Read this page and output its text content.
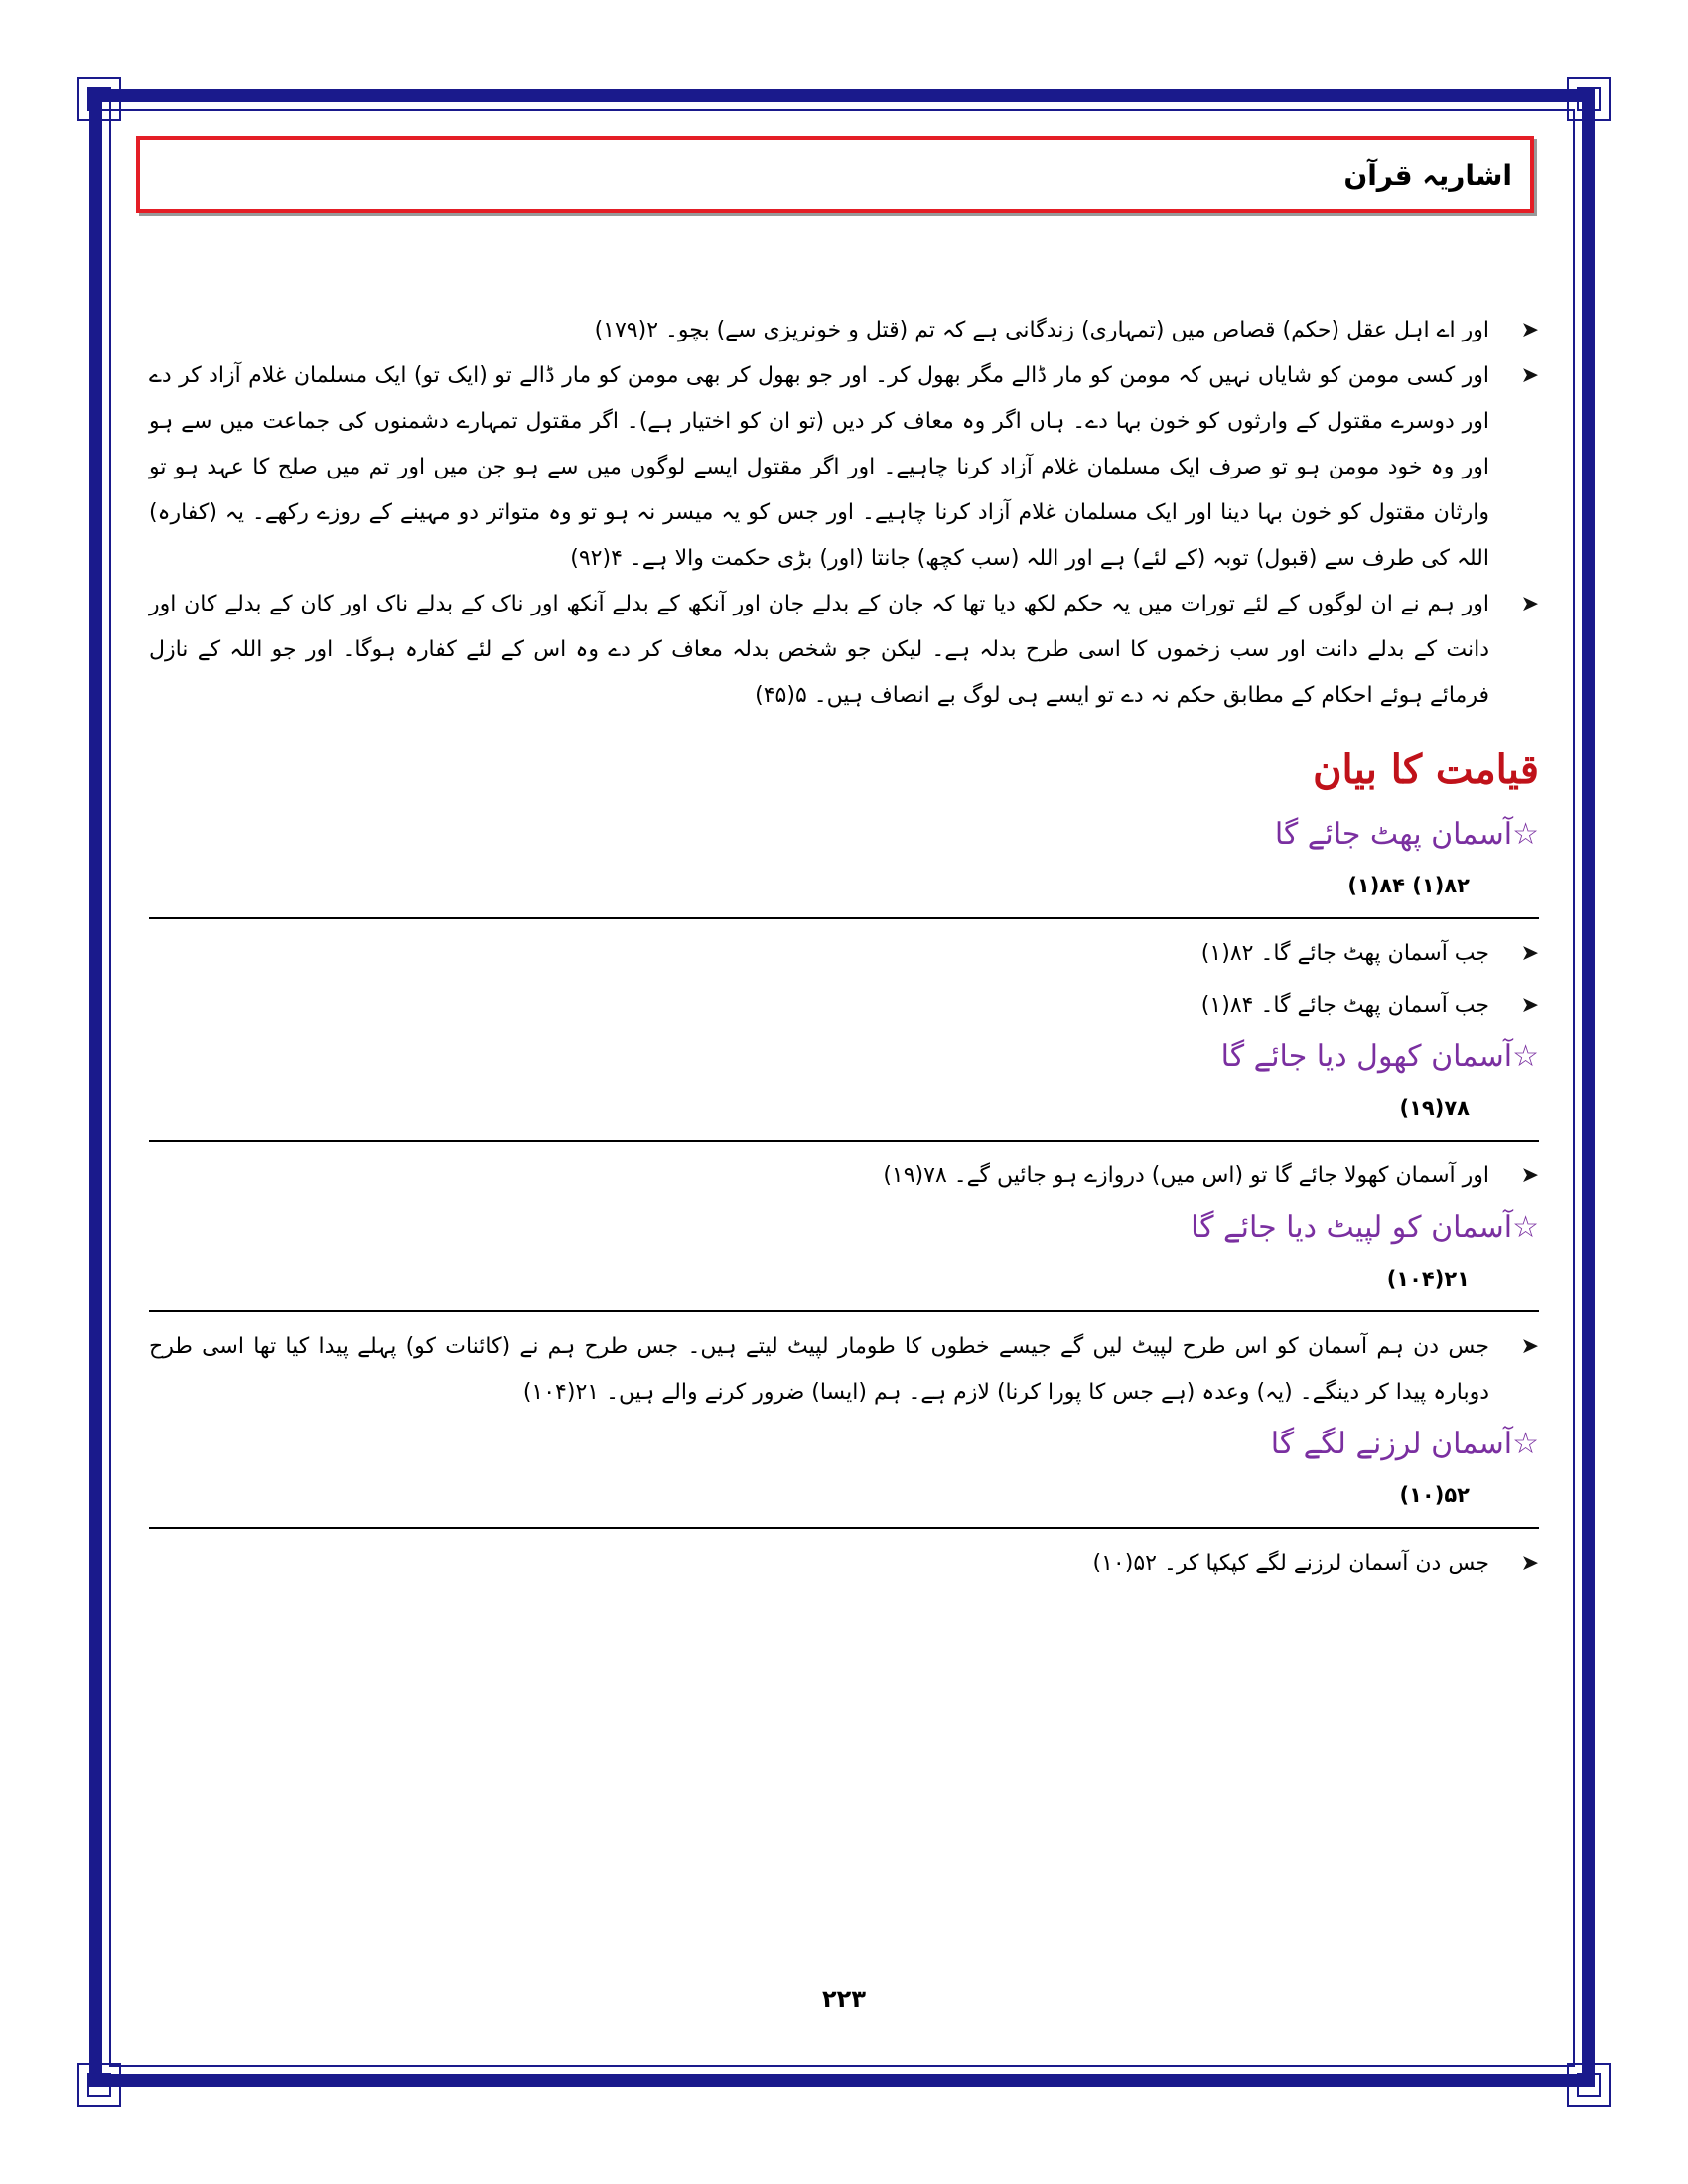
اشاریہ قرآن

➤
اور اے اہل عقل (حکم) قصاص میں (تمہاری) زندگانی ہے کہ تم (قتل و خونریزی سے) بچو۔ ۲(۱۷۹)

➤
اور کسی مومن کو شایاں نہیں کہ مومن کو مار ڈالے مگر بھول کر۔ اور جو بھول کر بھی مومن کو مار ڈالے تو (ایک تو) ایک مسلمان غلام آزاد کر دے اور دوسرے مقتول کے وارثوں کو خون بہا دے۔ ہاں اگر وہ معاف کر دیں (تو ان کو اختیار ہے)۔ اگر مقتول تمہارے دشمنوں کی جماعت میں سے ہو اور وہ خود مومن ہو تو صرف ایک مسلمان غلام آزاد کرنا چاہیے۔ اور اگر مقتول ایسے لوگوں میں سے ہو جن میں اور تم میں صلح کا عہد ہو تو وارثان مقتول کو خون بہا دینا اور ایک مسلمان غلام آزاد کرنا چاہیے۔ اور جس کو یہ میسر نہ ہو تو وہ متواتر دو مہینے کے روزے رکھے۔ یہ (کفارہ) اللہ کی طرف سے (قبول) توبہ (کے لئے) ہے اور اللہ (سب کچھ) جانتا (اور) بڑی حکمت والا ہے۔ ۴(۹۲)

➤
اور ہم نے ان لوگوں کے لئے تورات میں یہ حکم لکھ دیا تھا کہ جان کے بدلے جان اور آنکھ کے بدلے آنکھ اور ناک کے بدلے ناک اور کان کے بدلے کان اور دانت کے بدلے دانت اور سب زخموں کا اسی طرح بدلہ ہے۔ لیکن جو شخص بدلہ معاف کر دے وہ اس کے لئے کفارہ ہوگا۔ اور جو اللہ کے نازل فرمائے ہوئے احکام کے مطابق حکم نہ دے تو ایسے ہی لوگ بے انصاف ہیں۔ ۵(۴۵)

قیامت کا بیان
☆آسمان پھٹ جائے گا
۸۲(۱) ۸۴(۱)

➤
جب آسمان پھٹ جائے گا۔ ۸۲(۱)

➤
جب آسمان پھٹ جائے گا۔ ۸۴(۱)

☆آسمان کھول دیا جائے گا
۷۸(۱۹)

➤
اور آسمان کھولا جائے گا تو (اس میں) دروازے ہو جائیں گے۔ ۷۸(۱۹)

☆آسمان کو لپیٹ دیا جائے گا
۲۱(۱۰۴)

➤
جس دن ہم آسمان کو اس طرح لپیٹ لیں گے جیسے خطوں کا طومار لپیٹ لیتے ہیں۔ جس طرح ہم نے (کائنات کو) پہلے پیدا کیا تھا اسی طرح دوبارہ پیدا کر دینگے۔ (یہ) وعدہ (ہے جس کا پورا کرنا) لازم ہے۔ ہم (ایسا) ضرور کرنے والے ہیں۔ ۲۱(۱۰۴)

☆آسمان لرزنے لگے گا
۵۲(۱۰)

➤
جس دن آسمان لرزنے لگے کپکپا کر۔ ۵۲(۱۰)

۲۲۳
